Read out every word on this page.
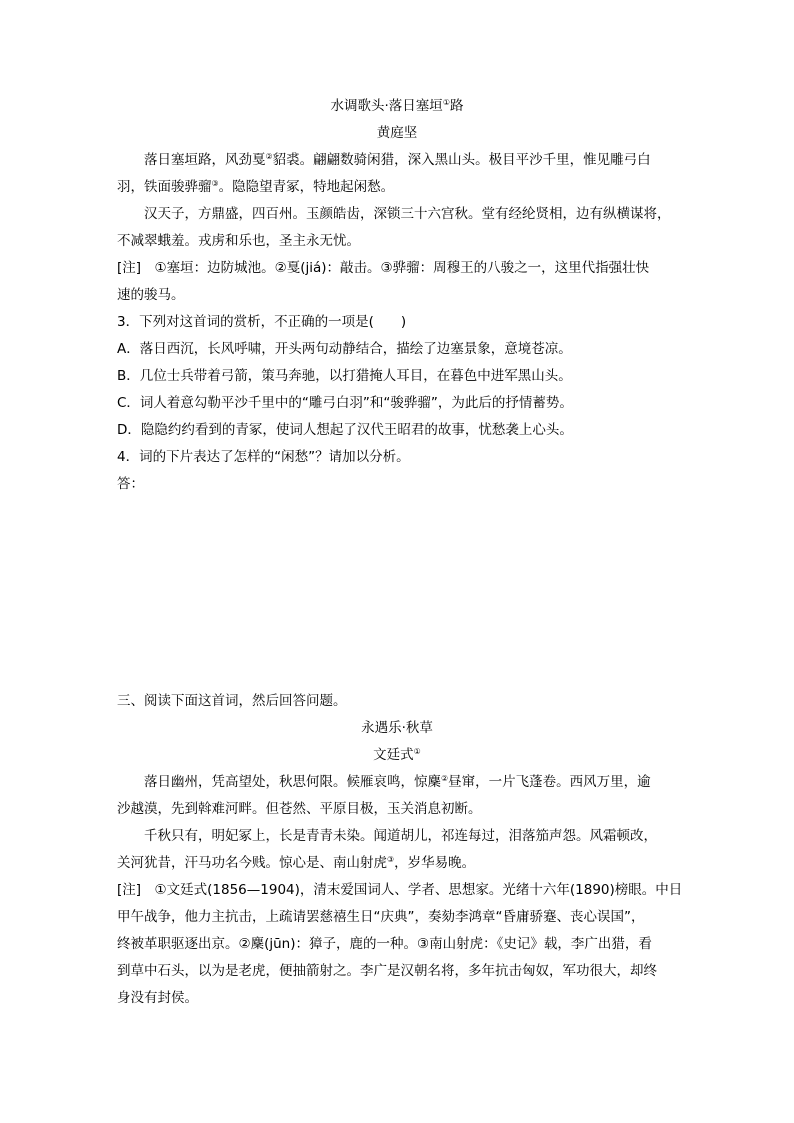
水调歌头·落日塞垣①路
黄庭坚
落日塞垣路，风劲戛②貂裘。翩翩数骑闲猎，深入黑山头。极目平沙千里，惟见雕弓白
羽，铁面骏骅骝③。隐隐望青冢，特地起闲愁。
汉天子，方鼎盛，四百州。玉颜皓齿，深锁三十六宫秋。堂有经纶贤相，边有纵横谋将，
不减翠蛾羞。戎虏和乐也，圣主永无忧。
[注]　①塞垣：边防城池。②戛(jiá)：敲击。③骅骝：周穆王的八骏之一，这里代指强壮快
速的骏马。
3．下列对这首词的赏析，不正确的一项是(　　)
A．落日西沉，长风呼啸，开头两句动静结合，描绘了边塞景象，意境苍凉。
B．几位士兵带着弓箭，策马奔驰，以打猎掩人耳目，在暮色中进军黑山头。
C．词人着意勾勒平沙千里中的“雕弓白羽”和“骏骅骝”，为此后的抒情蓄势。
D．隐隐约约看到的青冢，使词人想起了汉代王昭君的故事，忧愁袭上心头。
4．词的下片表达了怎样的“闲愁”？请加以分析。
答：
三、阅读下面这首词，然后回答问题。
永遇乐·秋草
文廷式①
落日幽州，凭高望处，秋思何限。候雁哀鸣，惊麇②昼窜，一片飞蓬卷。西风万里，逾
沙越漠，先到斡难河畔。但苍然、平原目极，玉关消息初断。
千秋只有，明妃冢上，长是青青未染。闻道胡儿，祁连每过，泪落笳声怨。风霜顿改，
关河犹昔，汗马功名今贱。惊心是、南山射虎③，岁华易晚。
[注]　①文廷式(1856—1904)，清末爱国词人、学者、思想家。光绪十六年(1890)榜眼。中日
甲午战争，他力主抗击，上疏请罢慈禧生日“庆典”，奏劾李鸿章“昏庸骄蹇、丧心误国”，
终被革职驱逐出京。②麇(jūn)：獐子，鹿的一种。③南山射虎：《史记》载，李广出猎，看
到草中石头，以为是老虎，便抽箭射之。李广是汉朝名将，多年抗击匈奴，军功很大，却终
身没有封侯。
